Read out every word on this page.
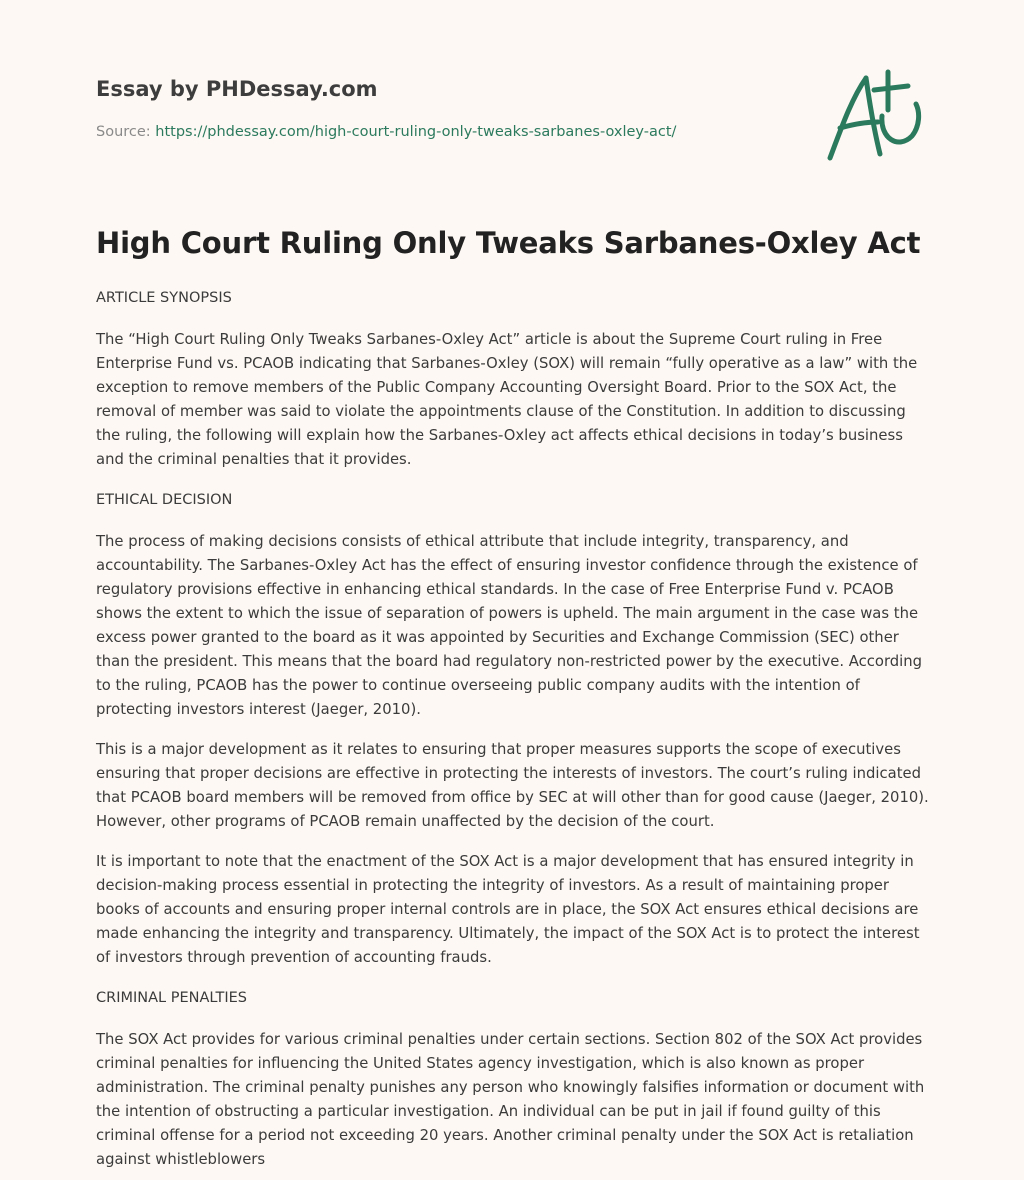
Essay by PHDessay.com

Source: https://phdessay.com/high-court-ruling-only-tweaks-sarbanes-oxley-act/

High Court Ruling Only Tweaks Sarbanes-Oxley Act

ARTICLE SYNOPSIS

The “High Court Ruling Only Tweaks Sarbanes-Oxley Act” article is about the Supreme Court ruling in Free Enterprise Fund vs. PCAOB indicating that Sarbanes-Oxley (SOX) will remain “fully operative as a law” with the exception to remove members of the Public Company Accounting Oversight Board. Prior to the SOX Act, the removal of member was said to violate the appointments clause of the Constitution. In addition to discussing the ruling, the following will explain how the Sarbanes-Oxley act affects ethical decisions in today’s business and the criminal penalties that it provides.

ETHICAL DECISION

The process of making decisions consists of ethical attribute that include integrity, transparency, and accountability. The Sarbanes-Oxley Act has the effect of ensuring investor confidence through the existence of regulatory provisions effective in enhancing ethical standards. In the case of Free Enterprise Fund v. PCAOB shows the extent to which the issue of separation of powers is upheld. The main argument in the case was the excess power granted to the board as it was appointed by Securities and Exchange Commission (SEC) other than the president. This means that the board had regulatory non-restricted power by the executive. According to the ruling, PCAOB has the power to continue overseeing public company audits with the intention of protecting investors interest (Jaeger, 2010).

This is a major development as it relates to ensuring that proper measures supports the scope of executives ensuring that proper decisions are effective in protecting the interests of investors. The court’s ruling indicated that PCAOB board members will be removed from office by SEC at will other than for good cause (Jaeger, 2010). However, other programs of PCAOB remain unaffected by the decision of the court.

It is important to note that the enactment of the SOX Act is a major development that has ensured integrity in decision-making process essential in protecting the integrity of investors. As a result of maintaining proper books of accounts and ensuring proper internal controls are in place, the SOX Act ensures ethical decisions are made enhancing the integrity and transparency. Ultimately, the impact of the SOX Act is to protect the interest of investors through prevention of accounting frauds.

CRIMINAL PENALTIES

The SOX Act provides for various criminal penalties under certain sections. Section 802 of the SOX Act provides criminal penalties for influencing the United States agency investigation, which is also known as proper administration. The criminal penalty punishes any person who knowingly falsifies information or document with the intention of obstructing a particular investigation. An individual can be put in jail if found guilty of this criminal offense for a period not exceeding 20 years. Another criminal penalty under the SOX Act is retaliation against whistleblowers
